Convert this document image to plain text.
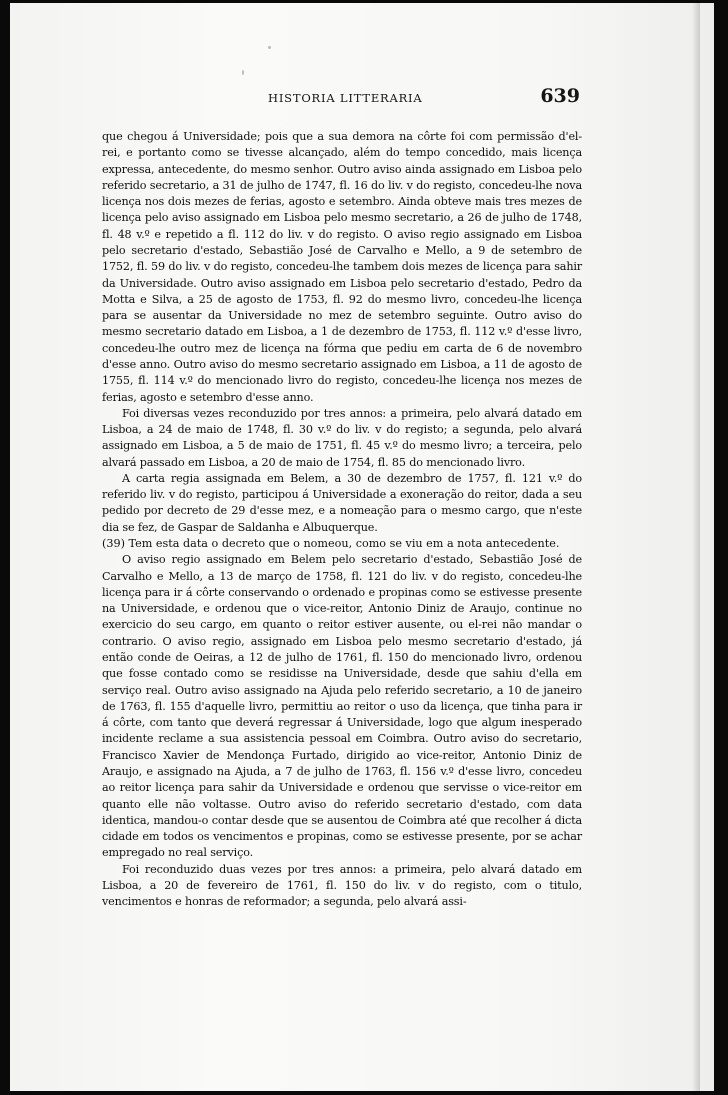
HISTORIA LITTERARIA	639

que chegou á Universidade; pois que a sua demora na côrte foi com permissão d'el-rei, e portanto como se tivesse alcançado, além do tempo concedido, mais licença expressa, antecedente, do mesmo senhor. Outro aviso ainda assignado em Lisboa pelo referido secretario, a 31 de julho de 1747, fl. 16 do liv. v do registo, concedeu-lhe nova licença nos dois mezes de ferias, agosto e setembro. Ainda obteve mais tres mezes de licença pelo aviso assignado em Lisboa pelo mesmo secretario, a 26 de julho de 1748, fl. 48 v.º e repetido a fl. 112 do liv. v do registo. O aviso regio assignado em Lisboa pelo secretario d'estado, Sebastião José de Carvalho e Mello, a 9 de setembro de 1752, fl. 59 do liv. v do registo, concedeu-lhe tambem dois mezes de licença para sahir da Universidade. Outro aviso assignado em Lisboa pelo secretario d'estado, Pedro da Motta e Silva, a 25 de agosto de 1753, fl. 92 do mesmo livro, concedeu-lhe licença para se ausentar da Universidade no mez de setembro seguinte. Outro aviso do mesmo secretario datado em Lisboa, a 1 de dezembro de 1753, fl. 112 v.º d'esse livro, concedeu-lhe outro mez de licença na fórma que pediu em carta de 6 de novembro d'esse anno. Outro aviso do mesmo secretario assignado em Lisboa, a 11 de agosto de 1755, fl. 114 v.º do mencionado livro do registo, concedeu-lhe licença nos mezes de ferias, agosto e setembro d'esse anno.

Foi diversas vezes reconduzido por tres annos: a primeira, pelo alvará datado em Lisboa, a 24 de maio de 1748, fl. 30 v.º do liv. v do registo; a segunda, pelo alvará assignado em Lisboa, a 5 de maio de 1751, fl. 45 v.º do mesmo livro; a terceira, pelo alvará passado em Lisboa, a 20 de maio de 1754, fl. 85 do mencionado livro.

A carta regia assignada em Belem, a 30 de dezembro de 1757, fl. 121 v.º do referido liv. v do registo, participou á Universidade a exoneração do reitor, dada a seu pedido por decreto de 29 d'esse mez, e a nomeação para o mesmo cargo, que n'este dia se fez, de Gaspar de Saldanha e Albuquerque.

(39) Tem esta data o decreto que o nomeou, como se viu em a nota antecedente.

O aviso regio assignado em Belem pelo secretario d'estado, Sebastião José de Carvalho e Mello, a 13 de março de 1758, fl. 121 do liv. v do registo, concedeu-lhe licença para ir á côrte conservando o ordenado e propinas como se estivesse presente na Universidade, e ordenou que o vice-reitor, Antonio Diniz de Araujo, continue no exercicio do seu cargo, em quanto o reitor estiver ausente, ou el-rei não mandar o contrario. O aviso regio, assignado em Lisboa pelo mesmo secretario d'estado, já então conde de Oeiras, a 12 de julho de 1761, fl. 150 do mencionado livro, ordenou que fosse contado como se residisse na Universidade, desde que sahiu d'ella em serviço real. Outro aviso assignado na Ajuda pelo referido secretario, a 10 de janeiro de 1763, fl. 155 d'aquelle livro, permittiu ao reitor o uso da licença, que tinha para ir á côrte, com tanto que deverá regressar á Universidade, logo que algum inesperado incidente reclame a sua assistencia pessoal em Coimbra. Outro aviso do secretario, Francisco Xavier de Mendonça Furtado, dirigido ao vice-reitor, Antonio Diniz de Araujo, e assignado na Ajuda, a 7 de julho de 1763, fl. 156 v.º d'esse livro, concedeu ao reitor licença para sahir da Universidade e ordenou que servisse o vice-reitor em quanto elle não voltasse. Outro aviso do referido secretario d'estado, com data identica, mandou-o contar desde que se ausentou de Coimbra até que recolher á dicta cidade em todos os vencimentos e propinas, como se estivesse presente, por se achar empregado no real serviço.

Foi reconduzido duas vezes por tres annos: a primeira, pelo alvará datado em Lisboa, a 20 de fevereiro de 1761, fl. 150 do liv. v do registo, com o titulo, vencimentos e honras de reformador; a segunda, pelo alvará assi-
